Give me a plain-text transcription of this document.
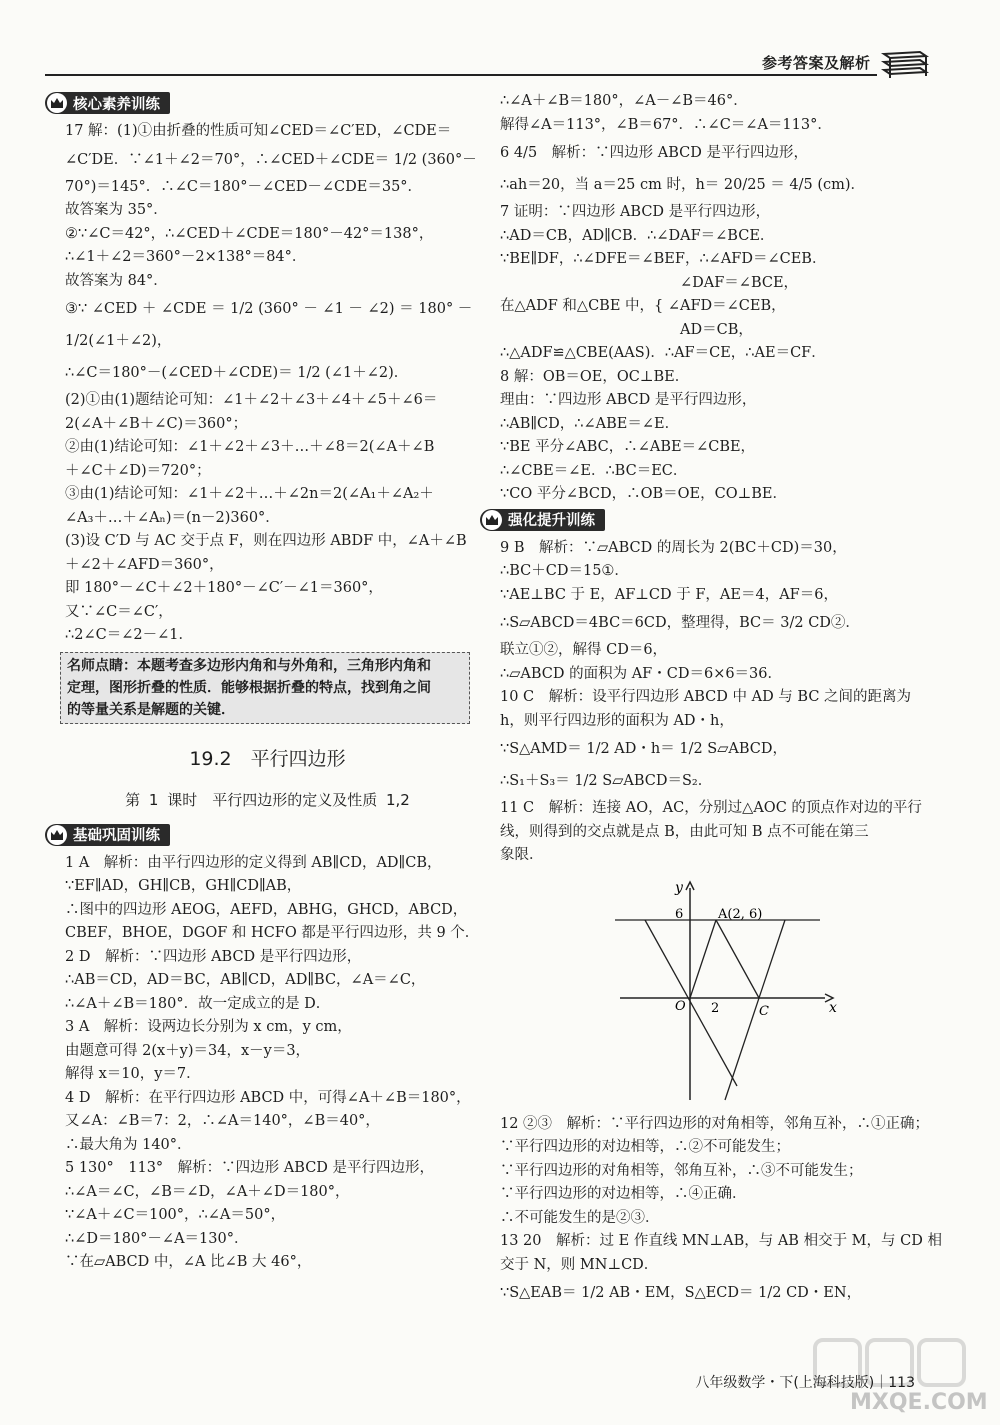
参考答案及解析
核心素养训练
17 解：(1)①由折叠的性质可知∠CED＝∠C′ED，∠CDE＝
∠C′DE．∵∠1＋∠2＝70°，∴∠CED＋∠CDE＝ 1/2 (360°－
70°)＝145°．∴∠C＝180°－∠CED－∠CDE＝35°．
故答案为 35°．
②∵∠C＝42°，∴∠CED＋∠CDE＝180°－42°＝138°，
∴∠1＋∠2＝360°－2×138°＝84°．
故答案为 84°．
③∵ ∠CED ＋ ∠CDE ＝ 1/2 (360° － ∠1 － ∠2) ＝ 180° －
1/2(∠1＋∠2)，
∴∠C＝180°－(∠CED＋∠CDE)＝ 1/2 (∠1＋∠2)．
(2)①由(1)题结论可知：∠1＋∠2＋∠3＋∠4＋∠5＋∠6＝
2(∠A＋∠B＋∠C)＝360°；
②由(1)结论可知：∠1＋∠2＋∠3＋…＋∠8＝2(∠A＋∠B
＋∠C＋∠D)＝720°；
③由(1)结论可知：∠1＋∠2＋…＋∠2n＝2(∠A₁＋∠A₂＋
∠A₃＋…＋∠Aₙ)＝(n－2)360°．
(3)设 C′D 与 AC 交于点 F，则在四边形 ABDF 中，∠A＋∠B
＋∠2＋∠AFD＝360°，
即 180°－∠C＋∠2＋180°－∠C′－∠1＝360°，
又∵∠C＝∠C′，
∴2∠C＝∠2－∠1．
名师点睛：本题考查多边形内角和与外角和，三角形内角和
定理，图形折叠的性质．能够根据折叠的特点，找到角之间
的等量关系是解题的关键．
19.2　平行四边形
第 1 课时　平行四边形的定义及性质 1,2
基础巩固训练
1 A　解析：由平行四边形的定义得到 AB∥CD，AD∥CB，
∵EF∥AD，GH∥CB，GH∥CD∥AB，
∴图中的四边形 AEOG，AEFD，ABHG，GHCD，ABCD，
CBEF，BHOE，DGOF 和 HCFO 都是平行四边形，共 9 个．
2 D　解析：∵四边形 ABCD 是平行四边形，
∴AB＝CD，AD＝BC，AB∥CD，AD∥BC，∠A＝∠C，
∴∠A＋∠B＝180°．故一定成立的是 D．
3 A　解析：设两边长分别为 x cm，y cm，
由题意可得 2(x＋y)＝34，x－y＝3，
解得 x＝10，y＝7．
4 D　解析：在平行四边形 ABCD 中，可得∠A＋∠B＝180°，
又∠A：∠B＝7：2，∴∠A＝140°，∠B＝40°，
∴最大角为 140°．
5 130°　113°　解析：∵四边形 ABCD 是平行四边形，
∴∠A＝∠C，∠B＝∠D，∠A＋∠D＝180°，
∵∠A＋∠C＝100°，∴∠A＝50°，
∴∠D＝180°－∠A＝130°．
∵在▱ABCD 中，∠A 比∠B 大 46°，
∴∠A＋∠B＝180°，∠A－∠B＝46°．
解得∠A＝113°，∠B＝67°．∴∠C＝∠A＝113°．
6 4/5　解析：∵四边形 ABCD 是平行四边形，
∴ah＝20，当 a＝25 cm 时，h＝ 20/25 ＝ 4/5 (cm)．
7 证明：∵四边形 ABCD 是平行四边形，
∴AD＝CB，AD∥CB．∴∠DAF＝∠BCE．
∵BE∥DF，∴∠DFE＝∠BEF，∴∠AFD＝∠CEB．
∠DAF＝∠BCE，
在△ADF 和△CBE 中，{ ∠AFD＝∠CEB，
AD＝CB，
∴△ADF≌△CBE(AAS)．∴AF＝CE，∴AE＝CF．
8 解：OB＝OE，OC⊥BE．
理由：∵四边形 ABCD 是平行四边形，
∴AB∥CD，∴∠ABE＝∠E．
∵BE 平分∠ABC，∴∠ABE＝∠CBE，
∴∠CBE＝∠E．∴BC＝EC．
∵CO 平分∠BCD，∴OB＝OE，CO⊥BE．
强化提升训练
9 B　解析：∵▱ABCD 的周长为 2(BC＋CD)＝30，
∴BC＋CD＝15①．
∵AE⊥BC 于 E，AF⊥CD 于 F，AE＝4，AF＝6，
∴S▱ABCD＝4BC＝6CD，整理得，BC＝ 3/2 CD②．
联立①②，解得 CD＝6，
∴▱ABCD 的面积为 AF・CD＝6×6＝36．
10 C　解析：设平行四边形 ABCD 中 AD 与 BC 之间的距离为
h，则平行四边形的面积为 AD・h，
∵S△AMD＝ 1/2 AD・h＝ 1/2 S▱ABCD，
∴S₁＋S₃＝ 1/2 S▱ABCD＝S₂．
11 C　解析：连接 AO，AC，分别过△AOC 的顶点作对边的平行
线，则得到的交点就是点 B，由此可知 B 点不可能在第三
象限．
y
x
6	A(2, 6)
O 2	C
12 ②③　解析：∵平行四边形的对角相等，邻角互补，∴①正确；
∵平行四边形的对边相等，∴②不可能发生；
∵平行四边形的对角相等，邻角互补，∴③不可能发生；
∵平行四边形的对边相等，∴④正确．
∴不可能发生的是②③．
13 20　解析：过 E 作直线 MN⊥AB，与 AB 相交于 M，与 CD 相
交于 N，则 MN⊥CD．
∵S△EAB＝ 1/2 AB・EM，S△ECD＝ 1/2 CD・EN，
MXQE.COM
八年级数学・下(上海科技版)｜113
